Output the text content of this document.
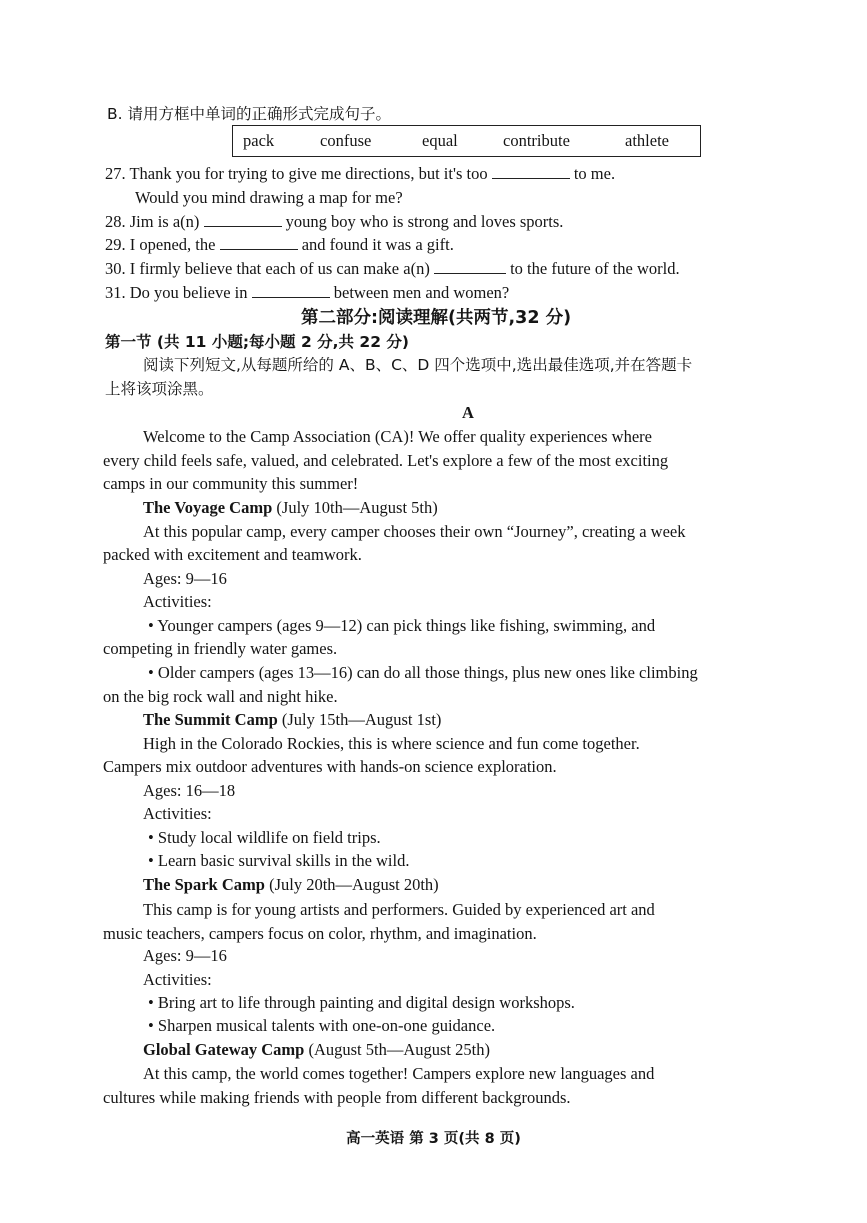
B. 请用方框中单词的正确形式完成句子。
pack	confuse	equal	contribute	athlete
27. Thank you for trying to give me directions, but it's too	to me.
Would you mind drawing a map for me?
28. Jim is a(n)	young boy who is strong and loves sports.
29. I opened, the	and found it was a gift.
30. I firmly believe that each of us can make a(n)	to the future of the world.
31. Do you believe in	between men and women?
第二部分:阅读理解(共两节,32 分)
第一节 (共 11 小题;每小题 2 分,共 22 分)
阅读下列短文,从每题所给的 A、B、C、D 四个选项中,选出最佳选项,并在答题卡
上将该项涂黑。
A
Welcome to the Camp Association (CA)! We offer quality experiences where
every child feels safe, valued, and celebrated. Let's explore a few of the most exciting
camps in our community this summer!
The Voyage Camp (July 10th—August 5th)
At this popular camp, every camper chooses their own “Journey”, creating a week
packed with excitement and teamwork.
Ages: 9—16
Activities:
• Younger campers (ages 9—12) can pick things like fishing, swimming, and
competing in friendly water games.
• Older campers (ages 13—16) can do all those things, plus new ones like climbing
on the big rock wall and night hike.
The Summit Camp (July 15th—August 1st)
High in the Colorado Rockies, this is where science and fun come together.
Campers mix outdoor adventures with hands-on science exploration.
Ages: 16—18
Activities:
• Study local wildlife on field trips.
• Learn basic survival skills in the wild.
The Spark Camp (July 20th—August 20th)
This camp is for young artists and performers. Guided by experienced art and
music teachers, campers focus on color, rhythm, and imagination.
Ages: 9—16
Activities:
• Bring art to life through painting and digital design workshops.
• Sharpen musical talents with one-on-one guidance.
Global Gateway Camp (August 5th—August 25th)
At this camp, the world comes together! Campers explore new languages and
cultures while making friends with people from different backgrounds.
高一英语 第 3 页(共 8 页)
